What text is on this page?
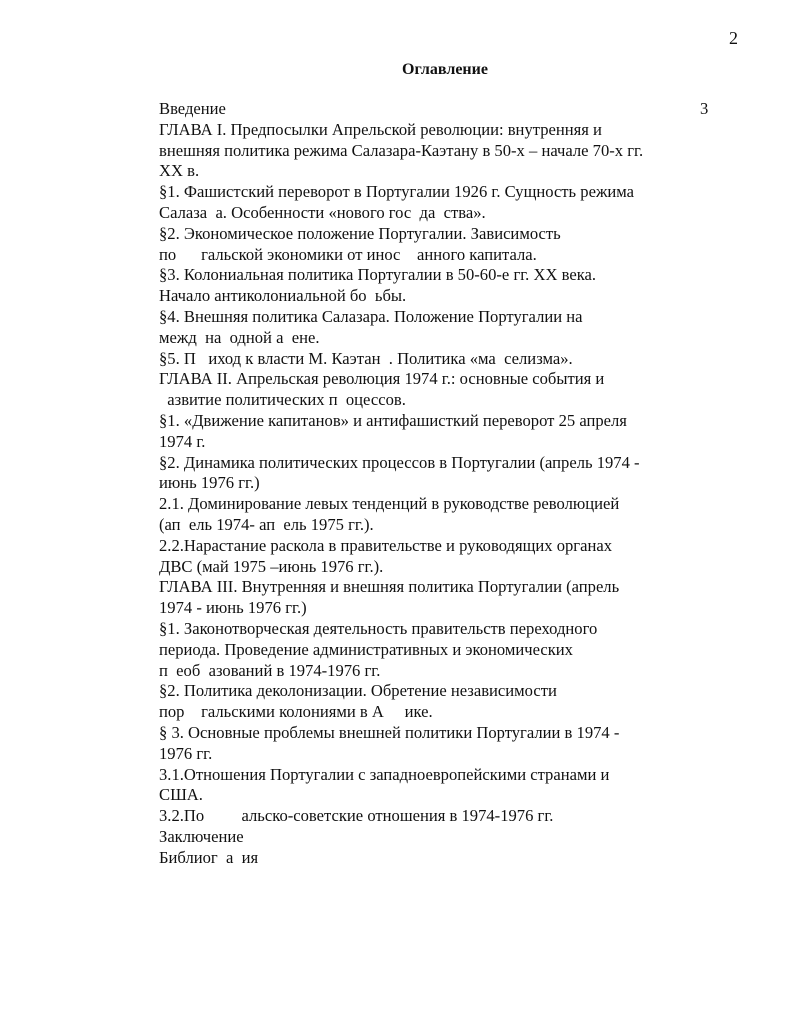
2
Оглавление
Введение	3
ГЛАВА I. Предпосылки Апрельской революции: внутренняя и
внешняя политика режима Салазара-Каэтану в 50-х – начале 70-х гг.
XX в.
§1. Фашистский переворот в Португалии 1926 г. Сущность режима
Салаза  а. Особенности «нового гос  да  ства».
§2. Экономическое положение Португалии. Зависимость
по      гальской экономики от инос    анного капитала.
§3. Колониальная политика Португалии в 50-60-е гг. XX века.
Начало антиколониальной бо  ьбы.
§4. Внешняя политика Салазара. Положение Португалии на
межд  на  одной а  ене.
§5. П   иход к власти М. Каэтан  . Политика «ма  селизма».
ГЛАВА II. Апрельская революция 1974 г.: основные события и
азвитие политических п  оцессов.
§1. «Движение капитанов» и антифашисткий переворот 25 апреля
1974 г.
§2. Динамика политических процессов в Португалии (апрель 1974 -
июнь 1976 гг.)
2.1. Доминирование левых тенденций в руководстве революцией
(ап  ель 1974- ап  ель 1975 гг.).
2.2.Нарастание раскола в правительстве и руководящих органах
ДВС (май 1975 –июнь 1976 гг.).
ГЛАВА III. Внутренняя и внешняя политика Португалии (апрель
1974 - июнь 1976 гг.)
§1. Законотворческая деятельность правительств переходного
периода. Проведение административных и экономических
п  еоб  азований в 1974-1976 гг.
§2. Политика деколонизации. Обретение независимости
пор    гальскими колониями в А     ике.
§ 3. Основные проблемы внешней политики Португалии в 1974 -
1976 гг.
3.1.Отношения Португалии с западноевропейскими странами и
США.
3.2.По         альско-советские отношения в 1974-1976 гг.
Заключение
Библиог  а  ия
